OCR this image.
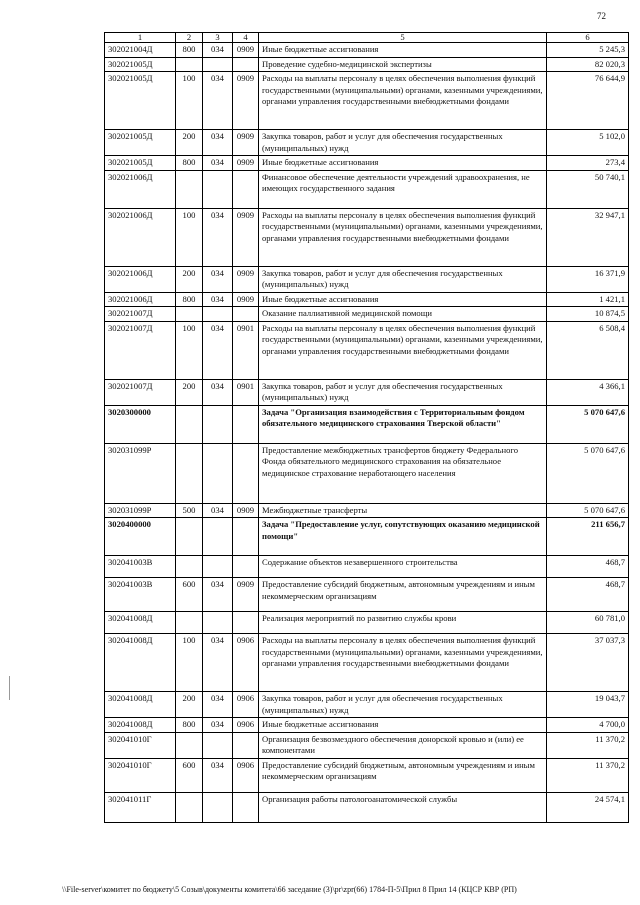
72
1	2	3	4	5	6
302021004Д	800	034	0909	Иные бюджетные ассигнования	5 245,3
302021005Д				Проведение судебно-медицинской экспертизы	82 020,3
302021005Д	100	034	0909	Расходы на выплаты персоналу в целях обеспечения выполнения функций государственными (муниципальными) органами, казенными учреждениями, органами управления государственными внебюджетными фондами	76 644,9
302021005Д	200	034	0909	Закупка товаров, работ и услуг для обеспечения государственных (муниципальных) нужд	5 102,0
302021005Д	800	034	0909	Иные бюджетные ассигнования	273,4
302021006Д				Финансовое обеспечение деятельности учреждений здравоохранения, не имеющих государственного задания	50 740,1
302021006Д	100	034	0909	Расходы на выплаты персоналу в целях обеспечения выполнения функций государственными (муниципальными) органами, казенными учреждениями, органами управления государственными внебюджетными фондами	32 947,1
302021006Д	200	034	0909	Закупка товаров, работ и услуг для обеспечения государственных (муниципальных) нужд	16 371,9
302021006Д	800	034	0909	Иные бюджетные ассигнования	1 421,1
302021007Д				Оказание паллиативной медицинской помощи	10 874,5
302021007Д	100	034	0901	Расходы на выплаты персоналу в целях обеспечения выполнения функций государственными (муниципальными) органами, казенными учреждениями, органами управления государственными внебюджетными фондами	6 508,4
302021007Д	200	034	0901	Закупка товаров, работ и услуг для обеспечения государственных (муниципальных) нужд	4 366,1
3020300000				Задача "Организация взаимодействия с Территориальным фондом обязательного медицинского страхования Тверской области"	5 070 647,6
302031099Р				Предоставление межбюджетных трансфертов бюджету Федерального Фонда обязательного медицинского страхования на обязательное медицинское страхование неработающего населения	5 070 647,6
302031099Р	500	034	0909	Межбюджетные трансферты	5 070 647,6
3020400000				Задача "Предоставление услуг, сопутствующих оказанию медицинской помощи"	211 656,7
302041003В				Содержание объектов незавершенного строительства	468,7
302041003В	600	034	0909	Предоставление субсидий бюджетным, автономным учреждениям и иным некоммерческим организациям	468,7
302041008Д				Реализация мероприятий по развитию службы крови	60 781,0
302041008Д	100	034	0906	Расходы на выплаты персоналу в целях обеспечения выполнения функций государственными (муниципальными) органами, казенными учреждениями, органами управления государственными внебюджетными фондами	37 037,3
302041008Д	200	034	0906	Закупка товаров, работ и услуг для обеспечения государственных (муниципальных) нужд	19 043,7
302041008Д	800	034	0906	Иные бюджетные ассигнования	4 700,0
302041010Г				Организация безвозмездного обеспечения донорской кровью и (или) ее компонентами	11 370,2
302041010Г	600	034	0906	Предоставление субсидий бюджетным, автономным учреждениям и иным некоммерческим организациям	11 370,2
302041011Г				Организация работы патологоанатомической службы	24 574,1
\\File-server\комитет по бюджету\5 Созыв\документы комитета\66 заседание (3)\pr\zpr(66) 1784-П-5\Прил 8 Прил 14 (КЦСР КВР (РП)
